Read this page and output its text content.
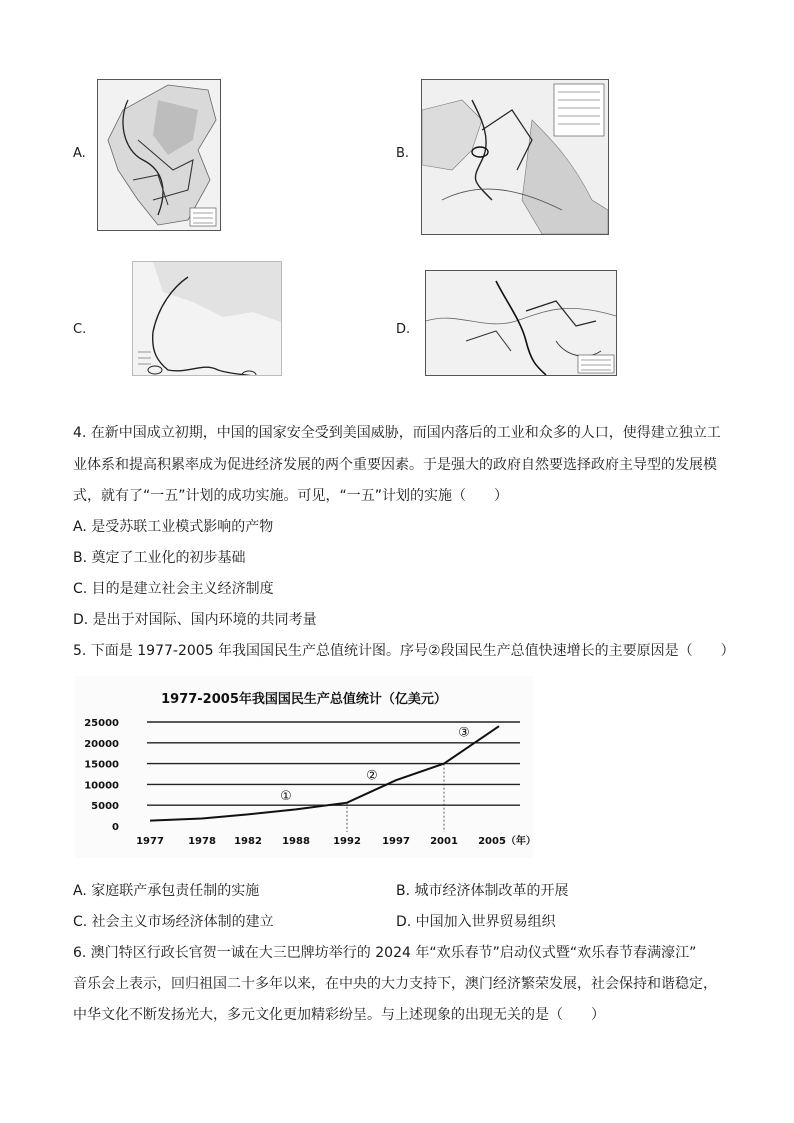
A.	B.
C.	D.
4. 在新中国成立初期，中国的国家安全受到美国威胁，而国内落后的工业和众多的人口，使得建立独立工
业体系和提高积累率成为促进经济发展的两个重要因素。于是强大的政府自然要选择政府主导型的发展模
式，就有了“一五”计划的成功实施。可见，“一五”计划的实施（　　）
A. 是受苏联工业模式影响的产物
B. 奠定了工业化的初步基础
C. 目的是建立社会主义经济制度
D. 是出于对国际、国内环境的共同考量
5. 下面是 1977-2005 年我国国民生产总值统计图。序号②段国民生产总值快速增长的主要原因是（　　）
1977-2005年我国国民生产总值统计（亿美元）
25000
20000
15000
10000
5000
0
1977 1978 1982 1988 1992 1997 2001 2005（年）
①
②
③
A. 家庭联产承包责任制的实施	B. 城市经济体制改革的开展
C. 社会主义市场经济体制的建立	D. 中国加入世界贸易组织
6. 澳门特区行政长官贺一诚在大三巴牌坊举行的 2024 年“欢乐春节”启动仪式暨“欢乐春节春满濠江”
音乐会上表示，回归祖国二十多年以来，在中央的大力支持下，澳门经济繁荣发展，社会保持和谐稳定，
中华文化不断发扬光大，多元文化更加精彩纷呈。与上述现象的出现无关的是（　　）
